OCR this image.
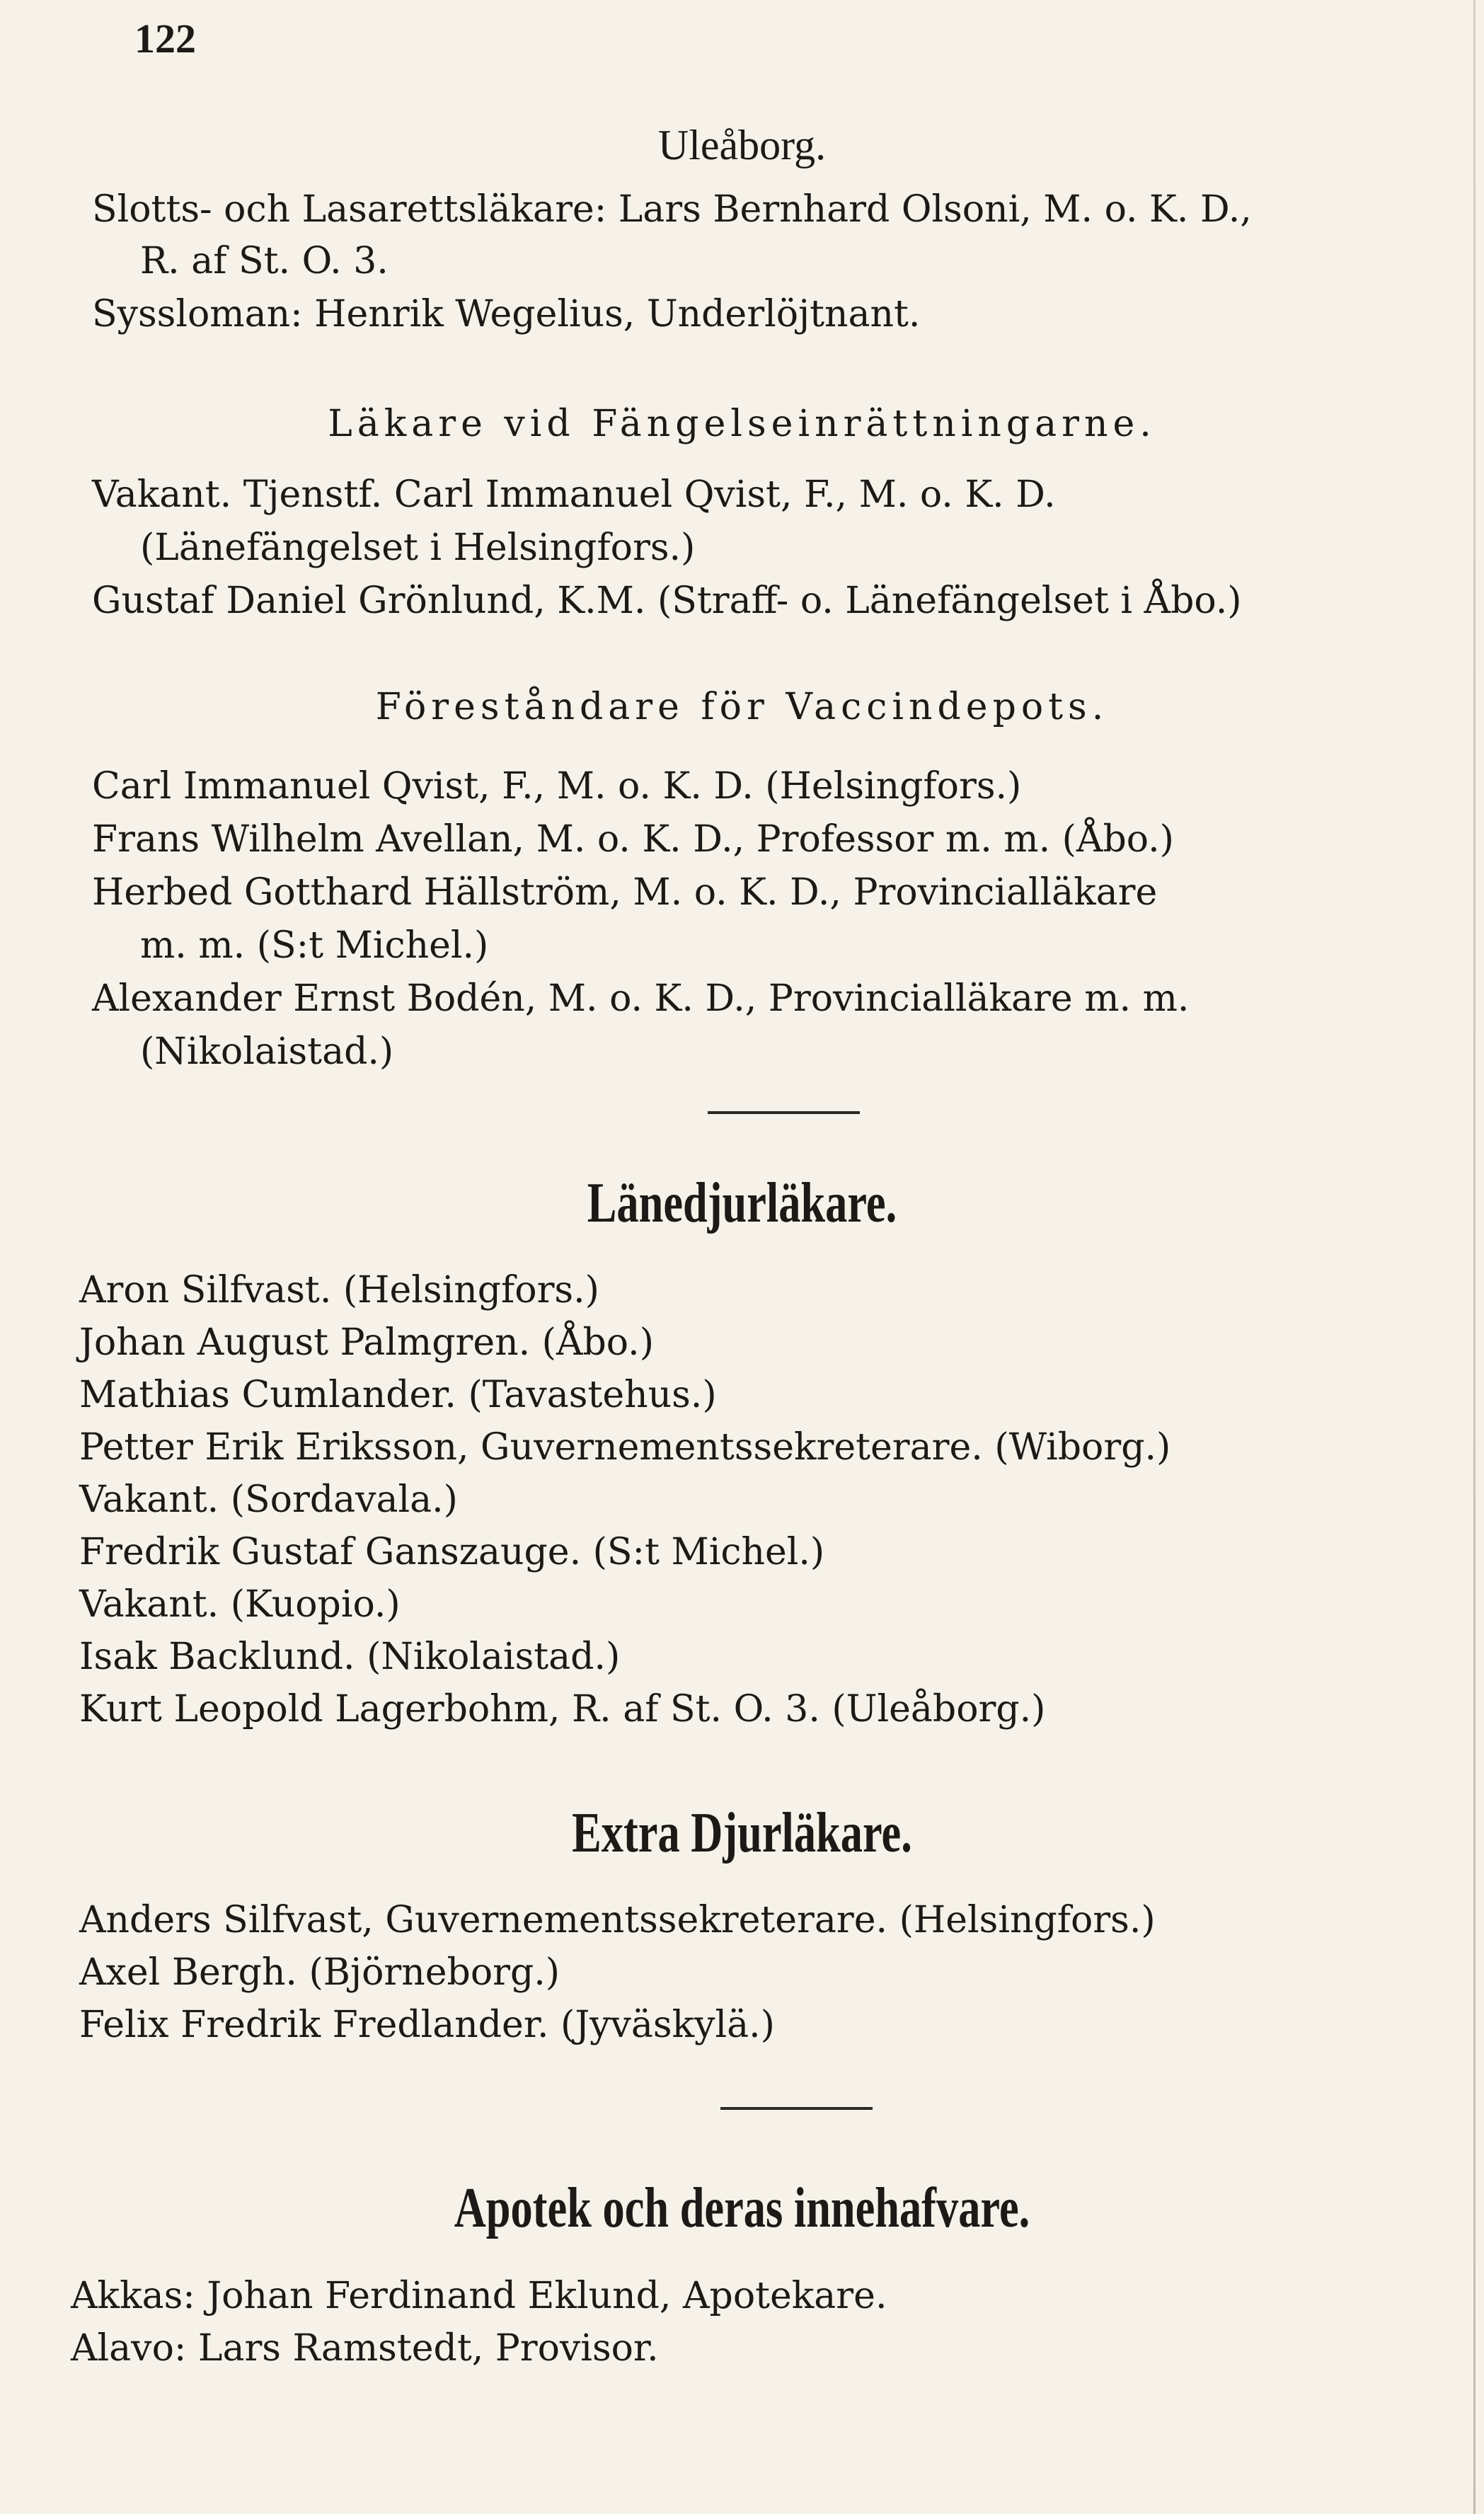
122
Uleåborg.
Slotts- och Lasarettsläkare: Lars Bernhard Olsoni, M. o. K. D.,
R. af St. O. 3.
Syssloman: Henrik Wegelius, Underlöjtnant.
Läkare vid Fängelseinrättningarne.
Vakant. Tjenstf. Carl Immanuel Qvist, F., M. o. K. D.
(Länefängelset i Helsingfors.)
Gustaf Daniel Grönlund, K.M. (Straff- o. Länefängelset i Åbo.)
Föreståndare för Vaccindepots.
Carl Immanuel Qvist, F., M. o. K. D. (Helsingfors.)
Frans Wilhelm Avellan, M. o. K. D., Professor m. m. (Åbo.)
Herbed Gotthard Hällström, M. o. K. D., Provincialläkare
m. m. (S:t Michel.)
Alexander Ernst Bodén, M. o. K. D., Provincialläkare m. m.
(Nikolaistad.)
Länedjurläkare.
Aron Silfvast. (Helsingfors.)
Johan August Palmgren. (Åbo.)
Mathias Cumlander. (Tavastehus.)
Petter Erik Eriksson, Guvernementssekreterare. (Wiborg.)
Vakant. (Sordavala.)
Fredrik Gustaf Ganszauge. (S:t Michel.)
Vakant. (Kuopio.)
Isak Backlund. (Nikolaistad.)
Kurt Leopold Lagerbohm, R. af St. O. 3. (Uleåborg.)
Extra Djurläkare.
Anders Silfvast, Guvernementssekreterare. (Helsingfors.)
Axel Bergh. (Björneborg.)
Felix Fredrik Fredlander. (Jyväskylä.)
Apotek och deras innehafvare.
Akkas: Johan Ferdinand Eklund, Apotekare.
Alavo: Lars Ramstedt, Provisor.
